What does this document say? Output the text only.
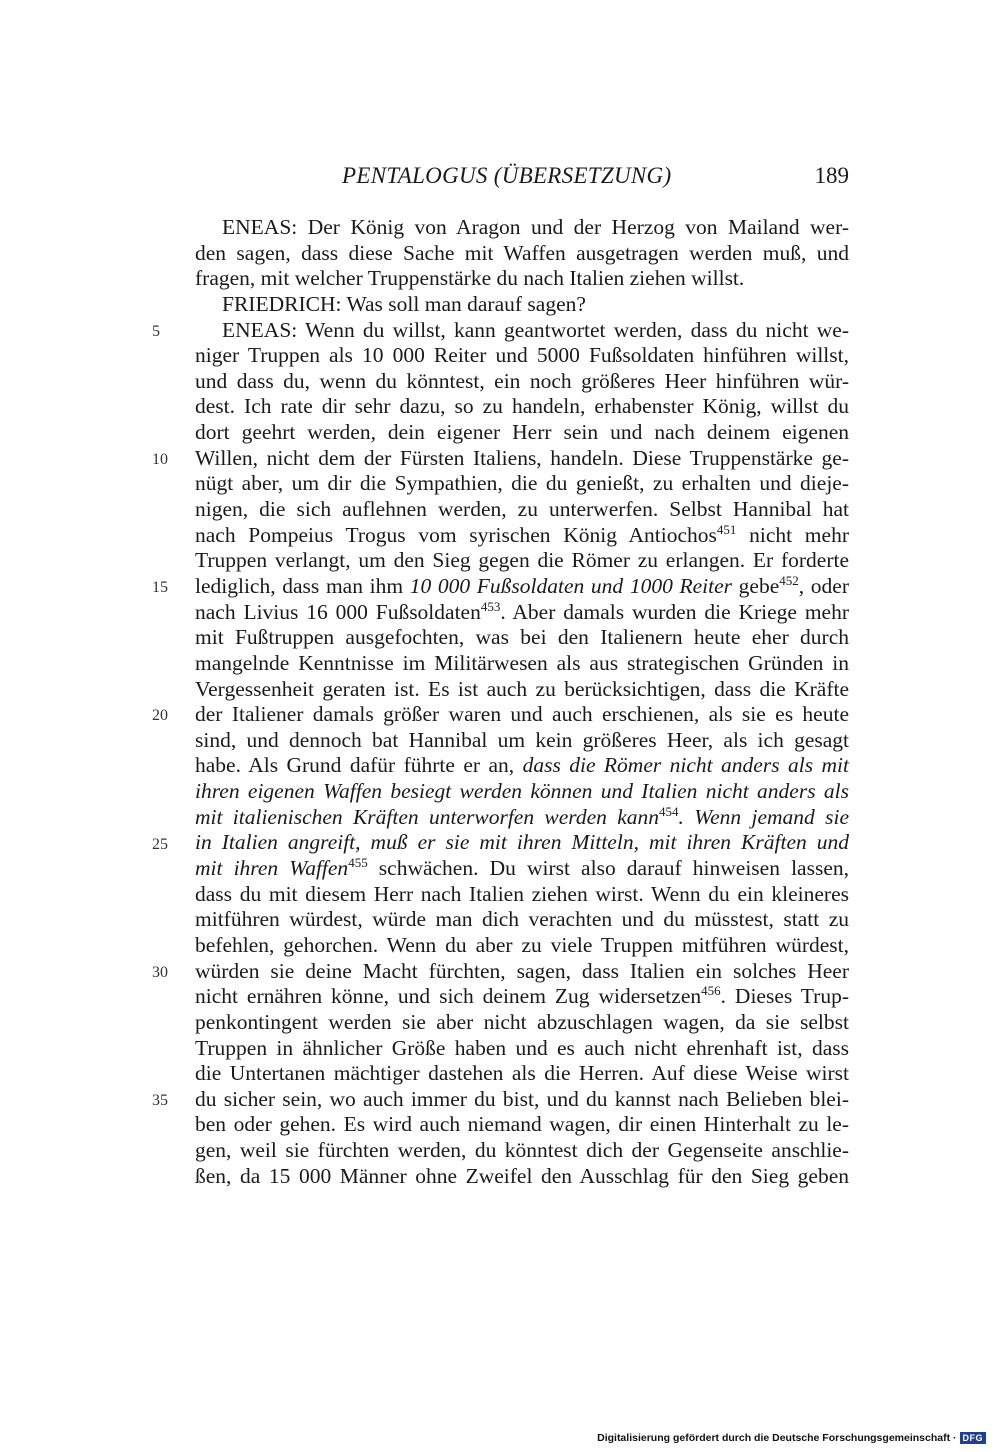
PENTALOGUS (ÜBERSETZUNG)	189
ENEAS: Der König von Aragon und der Herzog von Mailand wer-
den sagen, dass diese Sache mit Waffen ausgetragen werden muß, und
fragen, mit welcher Truppenstärke du nach Italien ziehen willst.
FRIEDRICH: Was soll man darauf sagen?
ENEAS: Wenn du willst, kann geantwortet werden, dass du nicht we-
niger Truppen als 10 000 Reiter und 5000 Fußsoldaten hinführen willst,
und dass du, wenn du könntest, ein noch größeres Heer hinführen wür-
dest. Ich rate dir sehr dazu, so zu handeln, erhabenster König, willst du
dort geehrt werden, dein eigener Herr sein und nach deinem eigenen
Willen, nicht dem der Fürsten Italiens, handeln. Diese Truppenstärke ge-
nügt aber, um dir die Sympathien, die du genießt, zu erhalten und dieje-
nigen, die sich auflehnen werden, zu unterwerfen. Selbst Hannibal hat
nach Pompeius Trogus vom syrischen König Antiochos$^{451}$ nicht mehr
Truppen verlangt, um den Sieg gegen die Römer zu erlangen. Er forderte
lediglich, dass man ihm 10 000 Fußsoldaten und 1000 Reiter gebe$^{452}$, oder
nach Livius 16 000 Fußsoldaten$^{453}$. Aber damals wurden die Kriege mehr
mit Fußtruppen ausgefochten, was bei den Italienern heute eher durch
mangelnde Kenntnisse im Militärwesen als aus strategischen Gründen in
Vergessenheit geraten ist. Es ist auch zu berücksichtigen, dass die Kräfte
der Italiener damals größer waren und auch erschienen, als sie es heute
sind, und dennoch bat Hannibal um kein größeres Heer, als ich gesagt
habe. Als Grund dafür führte er an, dass die Römer nicht anders als mit
ihren eigenen Waffen besiegt werden können und Italien nicht anders als
mit italienischen Kräften unterworfen werden kann$^{454}$. Wenn jemand sie
in Italien angreift, muß er sie mit ihren Mitteln, mit ihren Kräften und
mit ihren Waffen$^{455}$ schwächen. Du wirst also darauf hinweisen lassen,
dass du mit diesem Herr nach Italien ziehen wirst. Wenn du ein kleineres
mitführen würdest, würde man dich verachten und du müsstest, statt zu
befehlen, gehorchen. Wenn du aber zu viele Truppen mitführen würdest,
würden sie deine Macht fürchten, sagen, dass Italien ein solches Heer
nicht ernähren könne, und sich deinem Zug widersetzen$^{456}$. Dieses Trup-
penkontingent werden sie aber nicht abzuschlagen wagen, da sie selbst
Truppen in ähnlicher Größe haben und es auch nicht ehrenhaft ist, dass
die Untertanen mächtiger dastehen als die Herren. Auf diese Weise wirst
du sicher sein, wo auch immer du bist, und du kannst nach Belieben blei-
ben oder gehen. Es wird auch niemand wagen, dir einen Hinterhalt zu le-
gen, weil sie fürchten werden, du könntest dich der Gegenseite anschlie-
ßen, da 15 000 Männer ohne Zweifel den Ausschlag für den Sieg geben
5
10
15
20
25
30
35
Digitalisierung gefördert durch die Deutsche Forschungsgemeinschaft · DFG
